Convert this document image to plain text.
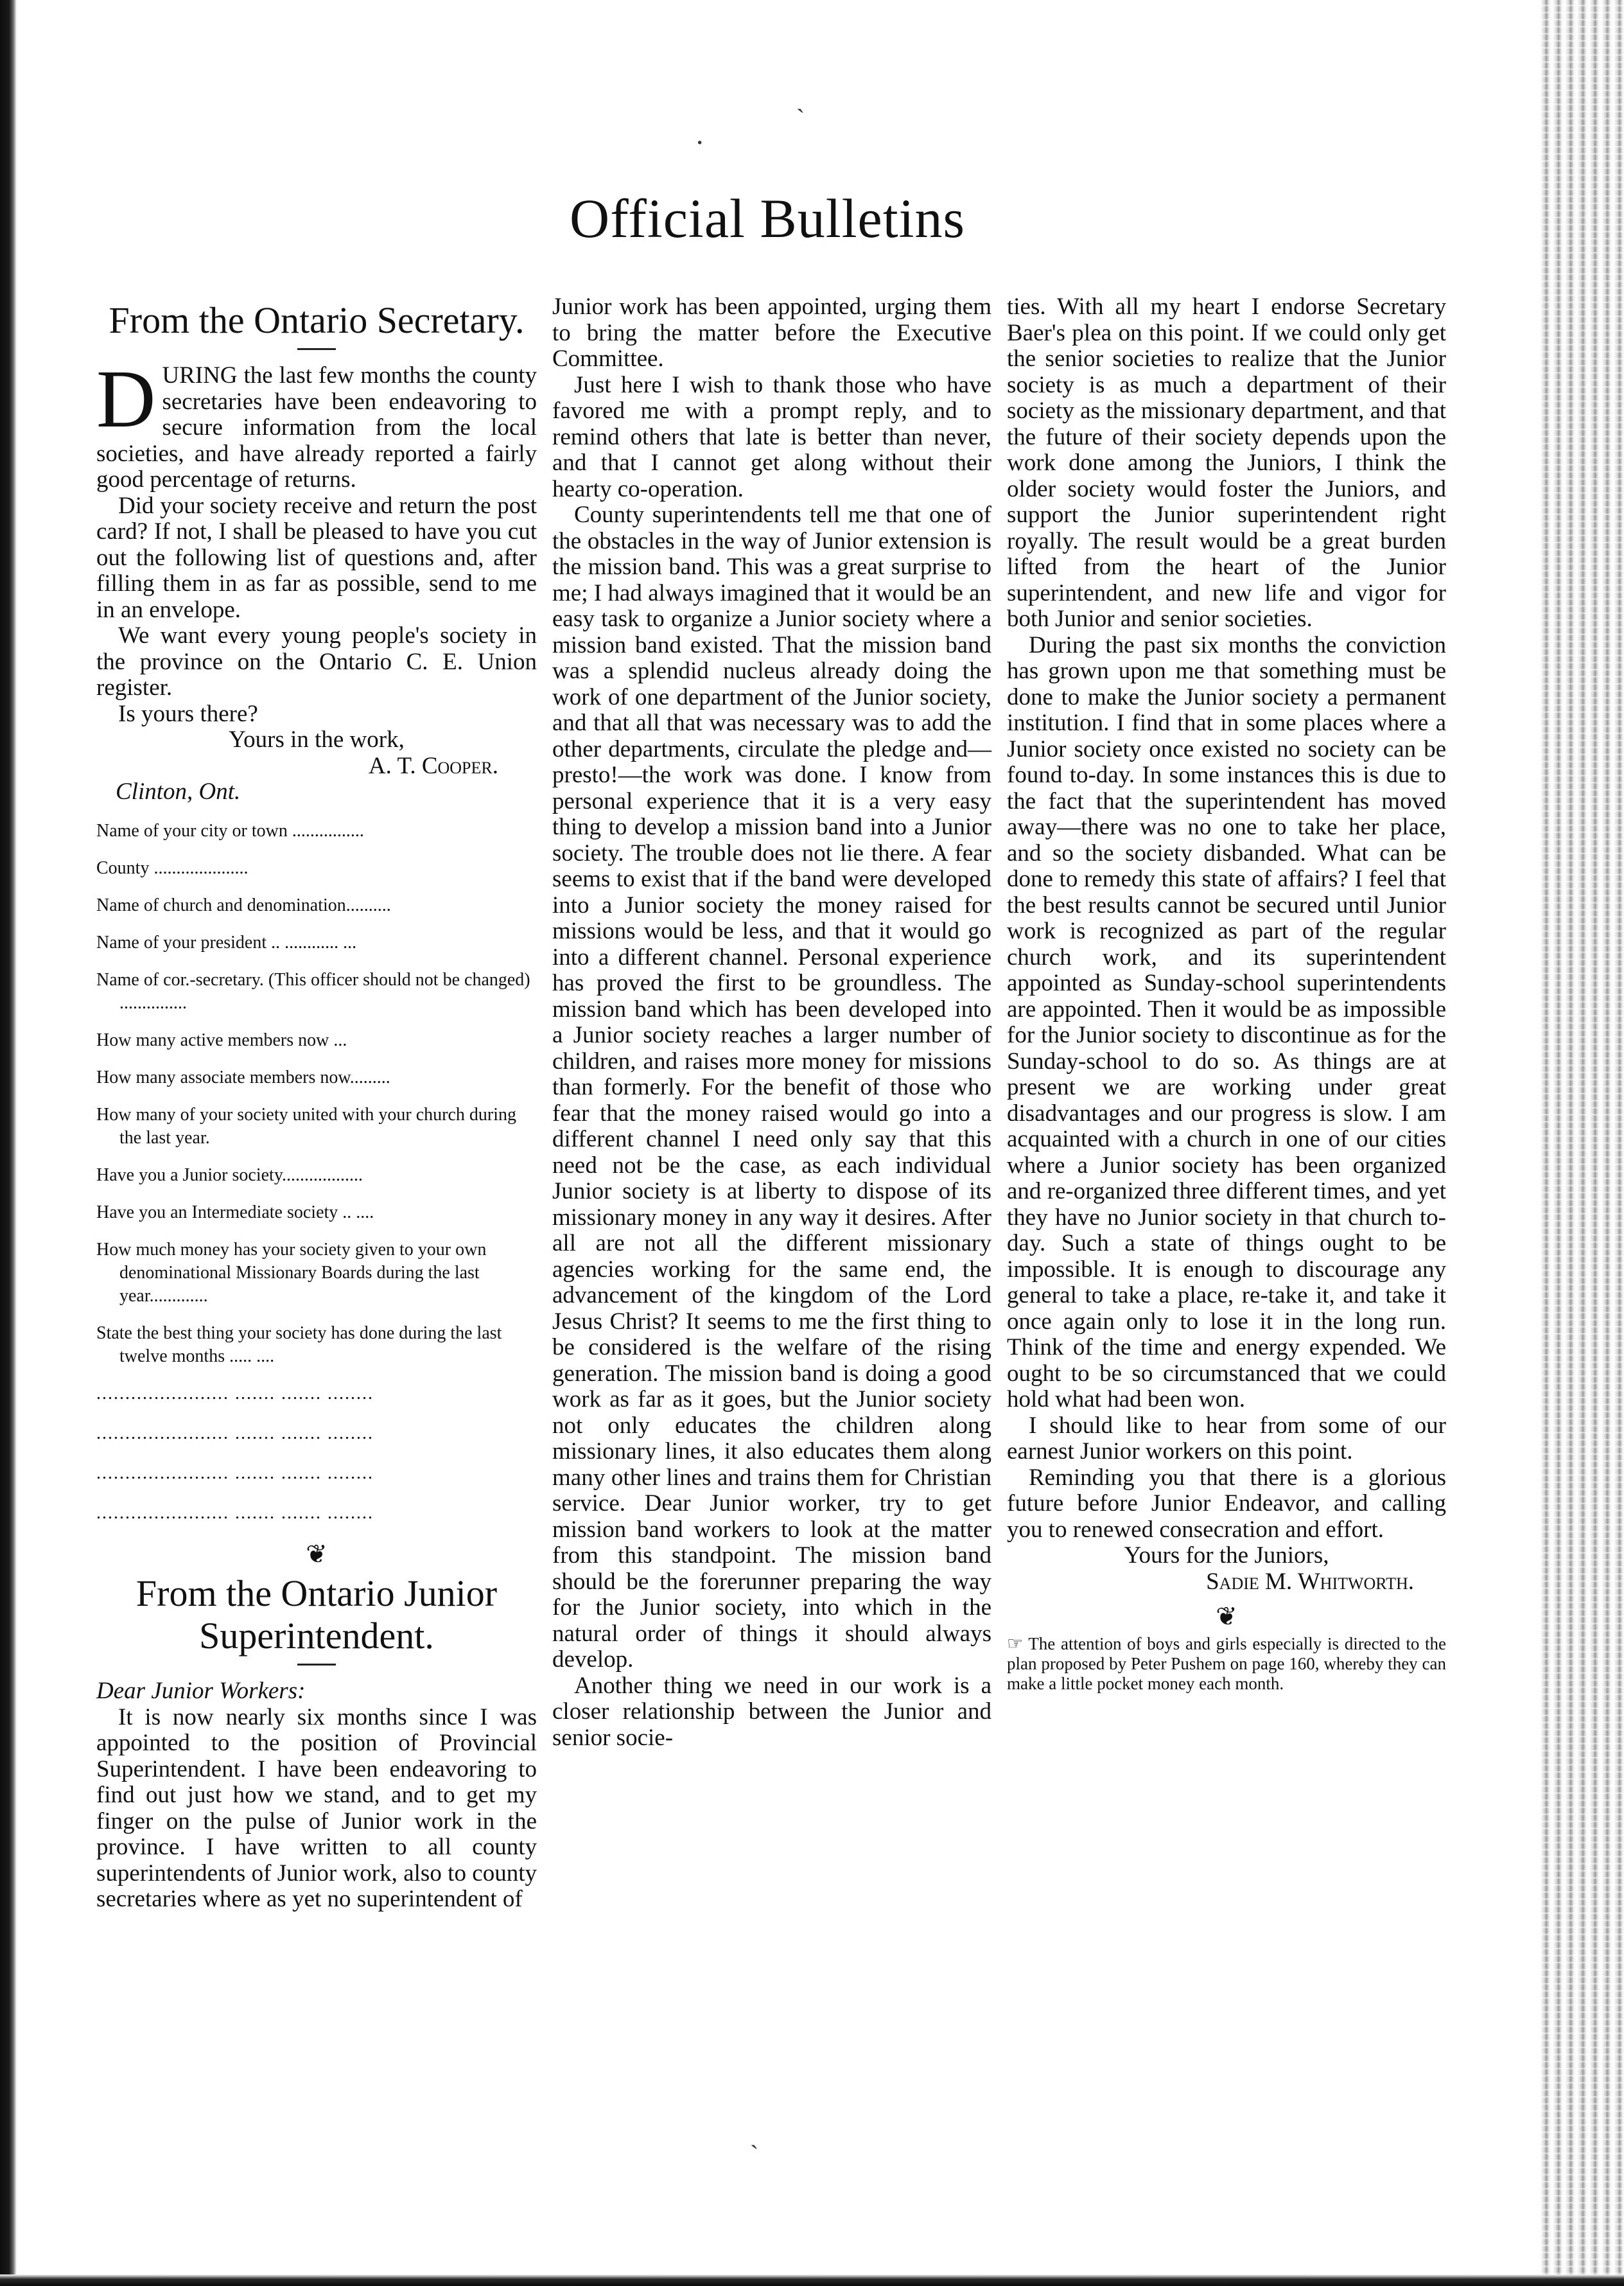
ˏ
·
ˏ
Official Bulletins
From the Ontario Secretary.

DURING the last few months the county secretaries have been endeavoring to secure information from the local societies, and have already reported a fairly good percentage of returns.

Did your society receive and return the post card? If not, I shall be pleased to have you cut out the following list of questions and, after filling them in as far as possible, send to me in an envelope.

We want every young people's society in the province on the Ontario C. E. Union register.

Is yours there?

Yours in the work,

A. T. Cooper.

Clinton, Ont.

Name of your city or town ................
County .....................
Name of church and denomination..........
Name of your president .. ............ ...
Name of cor.-secretary. (This officer should not be changed) ...............
How many active members now ...
How many associate members now.........
How many of your society united with your church during the last year.
Have you a Junior society..................
Have you an Intermediate society .. ....
How much money has your society given to your own denominational Missionary Boards during the last year.............
State the best thing your society has done during the last twelve months ..... ....
....................... ....... ....... ........
....................... ....... ....... ........
....................... ....... ....... ........
....................... ....... ....... ........
❦
From the Ontario Junior Superintendent.

Dear Junior Workers:

It is now nearly six months since I was appointed to the position of Provincial Superintendent. I have been endeavoring to find out just how we stand, and to get my finger on the pulse of Junior work in the province. I have written to all county superintendents of Junior work, also to county secretaries where as yet no superintendent of

Junior work has been appointed, urging them to bring the matter before the Executive Committee.

Just here I wish to thank those who have favored me with a prompt reply, and to remind others that late is better than never, and that I cannot get along without their hearty co-operation.

County superintendents tell me that one of the obstacles in the way of Junior extension is the mission band. This was a great surprise to me; I had always imagined that it would be an easy task to organize a Junior society where a mission band existed. That the mission band was a splendid nucleus already doing the work of one department of the Junior society, and that all that was necessary was to add the other departments, circulate the pledge and—presto!—the work was done. I know from personal experience that it is a very easy thing to develop a mission band into a Junior society. The trouble does not lie there. A fear seems to exist that if the band were developed into a Junior society the money raised for missions would be less, and that it would go into a different channel. Personal experience has proved the first to be groundless. The mission band which has been developed into a Junior society reaches a larger number of children, and raises more money for missions than formerly. For the benefit of those who fear that the money raised would go into a different channel I need only say that this need not be the case, as each individual Junior society is at liberty to dispose of its missionary money in any way it desires. After all are not all the different missionary agencies working for the same end, the advancement of the kingdom of the Lord Jesus Christ? It seems to me the first thing to be considered is the welfare of the rising generation. The mission band is doing a good work as far as it goes, but the Junior society not only educates the children along missionary lines, it also educates them along many other lines and trains them for Christian service. Dear Junior worker, try to get mission band workers to look at the matter from this standpoint. The mission band should be the forerunner preparing the way for the Junior society, into which in the natural order of things it should always develop.

Another thing we need in our work is a closer relationship between the Junior and senior socie-

ties. With all my heart I endorse Secretary Baer's plea on this point. If we could only get the senior societies to realize that the Junior society is as much a department of their society as the missionary department, and that the future of their society depends upon the work done among the Juniors, I think the older society would foster the Juniors, and support the Junior superintendent right royally. The result would be a great burden lifted from the heart of the Junior superintendent, and new life and vigor for both Junior and senior societies.

During the past six months the conviction has grown upon me that something must be done to make the Junior society a permanent institution. I find that in some places where a Junior society once existed no society can be found to-day. In some instances this is due to the fact that the superintendent has moved away—there was no one to take her place, and so the society disbanded. What can be done to remedy this state of affairs? I feel that the best results cannot be secured until Junior work is recognized as part of the regular church work, and its superintendent appointed as Sunday-school superintendents are appointed. Then it would be as impossible for the Junior society to discontinue as for the Sunday-school to do so. As things are at present we are working under great disadvantages and our progress is slow. I am acquainted with a church in one of our cities where a Junior society has been organized and re-organized three different times, and yet they have no Junior society in that church to-day. Such a state of things ought to be impossible. It is enough to discourage any general to take a place, re-take it, and take it once again only to lose it in the long run. Think of the time and energy expended. We ought to be so circumstanced that we could hold what had been won.

I should like to hear from some of our earnest Junior workers on this point.

Reminding you that there is a glorious future before Junior Endeavor, and calling you to renewed consecration and effort.

Yours for the Juniors,

Sadie M. Whitworth.

❦

☞ The attention of boys and girls especially is directed to the plan proposed by Peter Pushem on page 160, whereby they can make a little pocket money each month.
